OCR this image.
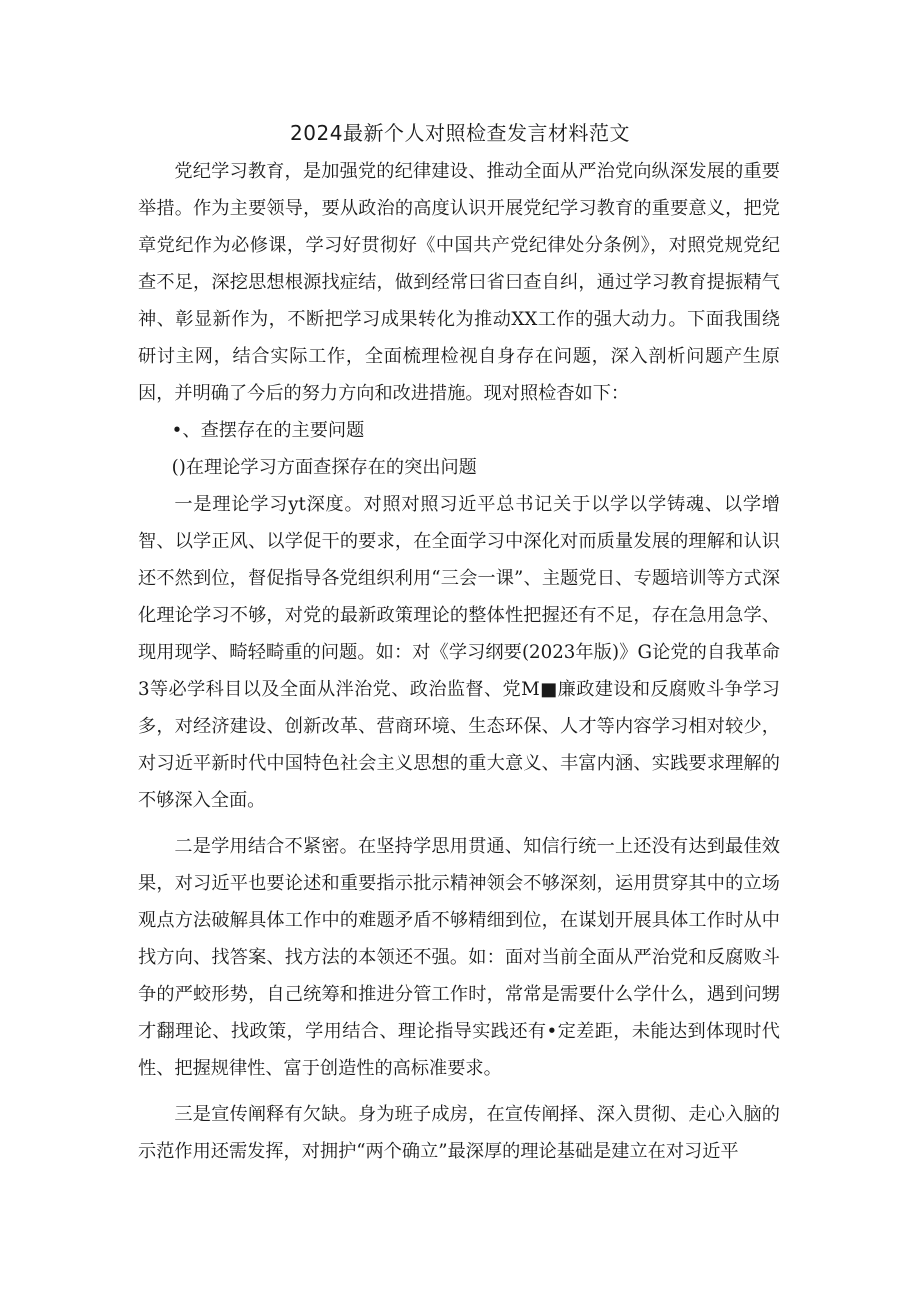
2024最新个人对照检查发言材料范文

党纪学习教育，是加强党的纪律建设、推动全面从严治党向纵深发展的重要举措。作为主要领导，要从政治的高度认识开展党纪学习教育的重要意义，把党章党纪作为必修课，学习好贯彻好《中国共产党纪律处分条例》，对照党规党纪查不足，深挖思想根源找症结，做到经常曰省曰查自纠，通过学习教育提振精气神、彰显新作为，不断把学习成果转化为推动XX工作的强大动力。下面我围绕研讨主网，结合实际工作，全面梳理检视自身存在问题，深入剖析问题产生原因，并明确了今后的努力方向和改进措施。现对照检杳如下：

•、查摆存在的主要问题

()在理论学习方面查探存在的突出问题

一是理论学习yt深度。对照对照习近平总书记关于以学以学铸魂、以学增智、以学正风、以学促干的要求，在全面学习中深化对而质量发展的理解和认识还不然到位，督促指导各党组织利用“三会一课”、主题党日、专题培训等方式深化理论学习不够，对党的最新政策理论的整体性把握还有不足，存在急用急学、现用现学、畸轻畸重的问题。如：对《学习纲要(2023年版)》G论党的自我革命3等必学科目以及全面从泮治党、政治监督、党M■廉政建设和反腐败斗争学习多，对经济建设、创新改革、营商环境、生态环保、人才等内容学习相对较少，对习近平新时代中国特色社会主义思想的重大意义、丰富内涵、实践要求理解的不够深入全面。

二是学用结合不紧密。在坚持学思用贯通、知信行统一上还没有达到最佳效果，对习近平也要论述和重要指示批示精神领会不够深刻，运用贯穿其中的立场观点方法破解具体工作中的难题矛盾不够精细到位，在谋划开展具体工作时从中找方向、找答案、找方法的本领还不强。如：面对当前全面从严治党和反腐败斗争的严蛟形势，自己统筹和推进分管工作时，常常是需要什么学什么，遇到问甥才翻理论、找政策，学用结合、理论指导实践还有•定差距，未能达到体现时代性、把握规律性、富于创造性的高标准要求。

三是宣传阐释有欠缺。身为班子成房，在宣传阐择、深入贯彻、走心入脑的示范作用还需发挥，对拥护“两个确立”最深厚的理论基础是建立在对习近平
